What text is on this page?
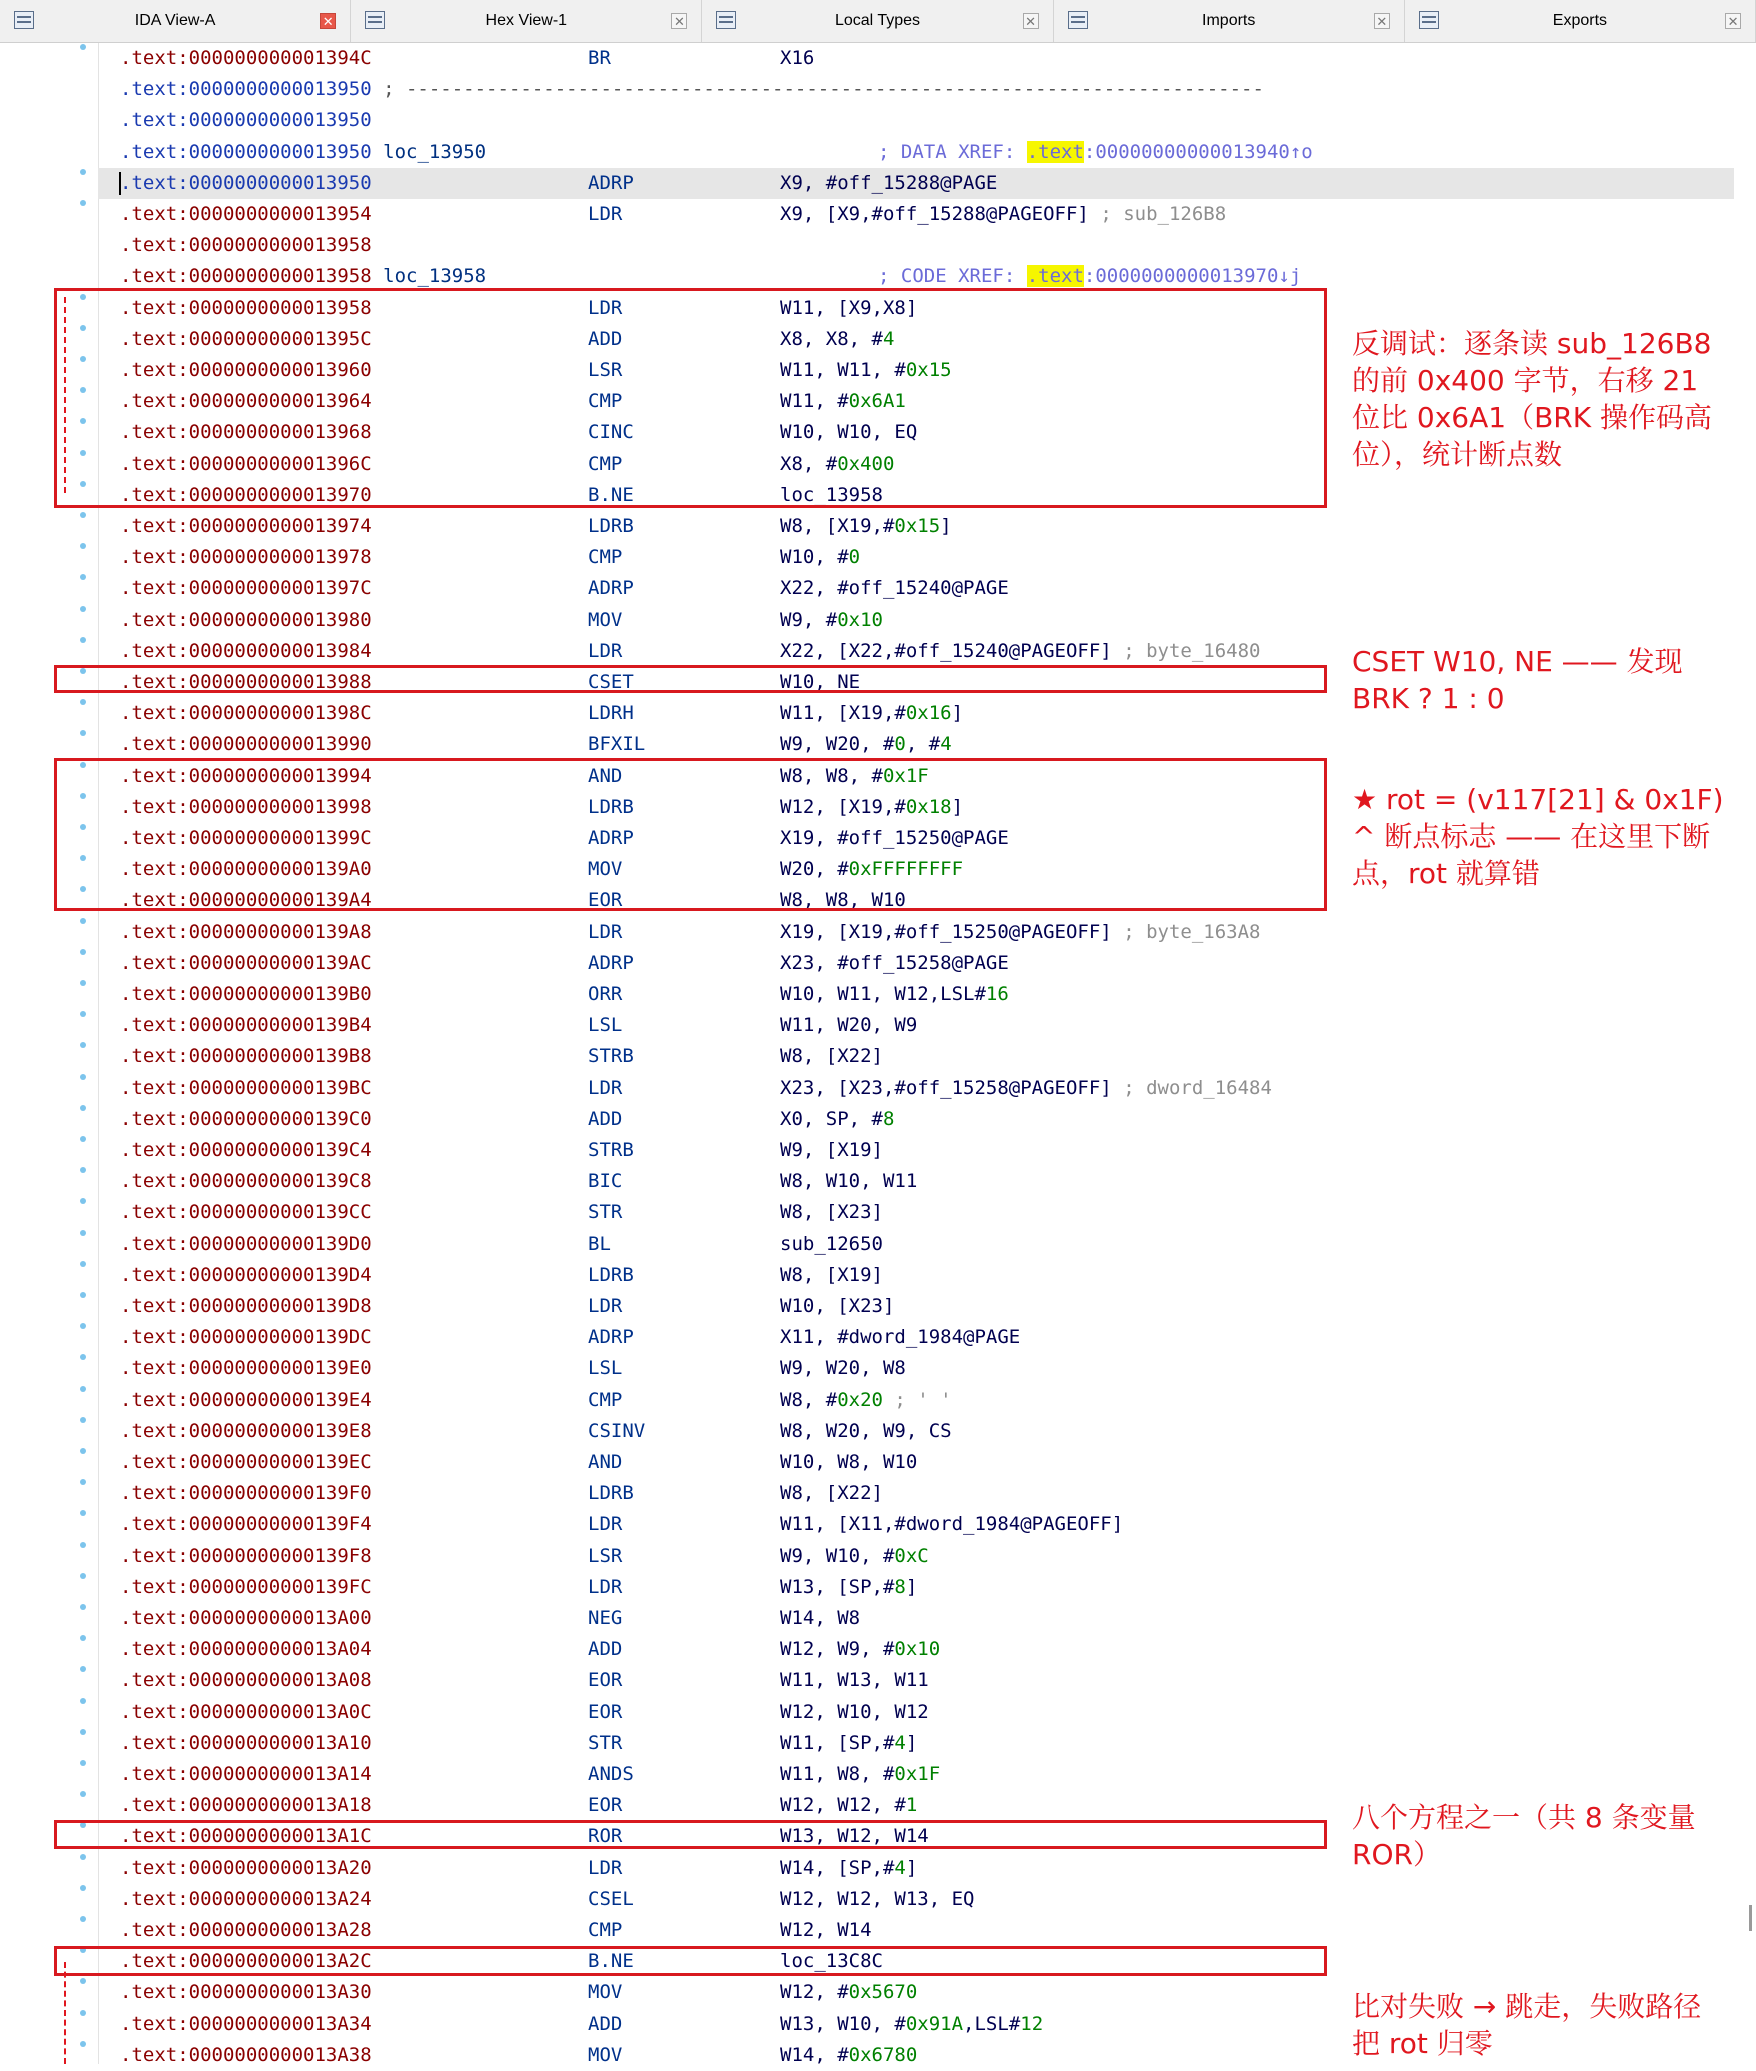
IDA View-A	✕	Hex View-1	✕	Local Types	✕	Imports	✕	Exports	✕
.text:000000000001394C	BR	X16
.text:0000000000013950 ; ---------------------------------------------------------------------------
.text:0000000000013950
.text:0000000000013950 loc_13950	; DATA XREF: .text:00000000000013940↑o
.text:0000000000013950	ADRP	X9, #off_15288@PAGE
.text:0000000000013954	LDR	X9, [X9,#off_15288@PAGEOFF] ; sub_126B8
.text:0000000000013958
.text:0000000000013958 loc_13958	; CODE XREF: .text:0000000000013970↓j
.text:0000000000013958	LDR	W11, [X9,X8]
.text:000000000001395C	ADD	X8, X8, #4
.text:0000000000013960	LSR	W11, W11, #0x15
.text:0000000000013964	CMP	W11, #0x6A1
.text:0000000000013968	CINC	W10, W10, EQ
.text:000000000001396C	CMP	X8, #0x400
.text:0000000000013970	B.NE	loc_13958
.text:0000000000013974	LDRB	W8, [X19,#0x15]
.text:0000000000013978	CMP	W10, #0
.text:000000000001397C	ADRP	X22, #off_15240@PAGE
.text:0000000000013980	MOV	W9, #0x10
.text:0000000000013984	LDR	X22, [X22,#off_15240@PAGEOFF] ; byte_16480
.text:0000000000013988	CSET	W10, NE
.text:000000000001398C	LDRH	W11, [X19,#0x16]
.text:0000000000013990	BFXIL	W9, W20, #0, #4
.text:0000000000013994	AND	W8, W8, #0x1F
.text:0000000000013998	LDRB	W12, [X19,#0x18]
.text:000000000001399C	ADRP	X19, #off_15250@PAGE
.text:00000000000139A0	MOV	W20, #0xFFFFFFFF
.text:00000000000139A4	EOR	W8, W8, W10
.text:00000000000139A8	LDR	X19, [X19,#off_15250@PAGEOFF] ; byte_163A8
.text:00000000000139AC	ADRP	X23, #off_15258@PAGE
.text:00000000000139B0	ORR	W10, W11, W12,LSL#16
.text:00000000000139B4	LSL	W11, W20, W9
.text:00000000000139B8	STRB	W8, [X22]
.text:00000000000139BC	LDR	X23, [X23,#off_15258@PAGEOFF] ; dword_16484
.text:00000000000139C0	ADD	X0, SP, #8
.text:00000000000139C4	STRB	W9, [X19]
.text:00000000000139C8	BIC	W8, W10, W11
.text:00000000000139CC	STR	W8, [X23]
.text:00000000000139D0	BL	sub_12650
.text:00000000000139D4	LDRB	W8, [X19]
.text:00000000000139D8	LDR	W10, [X23]
.text:00000000000139DC	ADRP	X11, #dword_1984@PAGE
.text:00000000000139E0	LSL	W9, W20, W8
.text:00000000000139E4	CMP	W8, #0x20 ; ' '
.text:00000000000139E8	CSINV	W8, W20, W9, CS
.text:00000000000139EC	AND	W10, W8, W10
.text:00000000000139F0	LDRB	W8, [X22]
.text:00000000000139F4	LDR	W11, [X11,#dword_1984@PAGEOFF]
.text:00000000000139F8	LSR	W9, W10, #0xC
.text:00000000000139FC	LDR	W13, [SP,#8]
.text:0000000000013A00	NEG	W14, W8
.text:0000000000013A04	ADD	W12, W9, #0x10
.text:0000000000013A08	EOR	W11, W13, W11
.text:0000000000013A0C	EOR	W12, W10, W12
.text:0000000000013A10	STR	W11, [SP,#4]
.text:0000000000013A14	ANDS	W11, W8, #0x1F
.text:0000000000013A18	EOR	W12, W12, #1
.text:0000000000013A1C	ROR	W13, W12, W14
.text:0000000000013A20	LDR	W14, [SP,#4]
.text:0000000000013A24	CSEL	W12, W12, W13, EQ
.text:0000000000013A28	CMP	W12, W14
.text:0000000000013A2C	B.NE	loc_13C8C
.text:0000000000013A30	MOV	W12, #0x5670
.text:0000000000013A34	ADD	W13, W10, #0x91A,LSL#12
.text:0000000000013A38	MOV	W14, #0x6780
反调试：逐条读 sub_126B8
的前 0x400 字节，右移 21
位比 0x6A1（BRK 操作码高
位），统计断点数
CSET W10, NE —— 发现
BRK ? 1 : 0
★ rot = (v117[21] & 0x1F)
^ 断点标志 —— 在这里下断
点，rot 就算错
八个方程之一（共 8 条变量
ROR）
比对失败 → 跳走，失败路径
把 rot 归零
